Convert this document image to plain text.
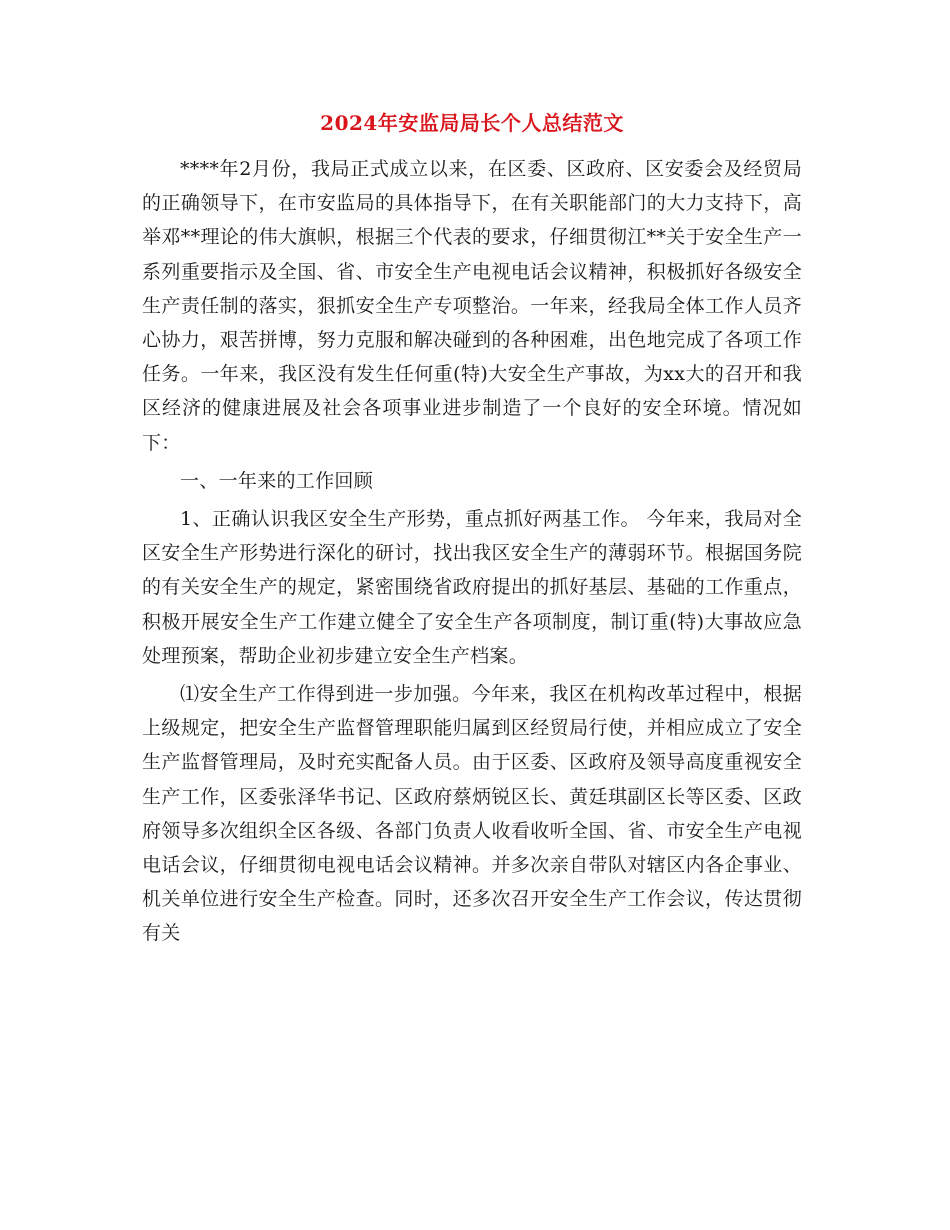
2024年安监局局长个人总结范文

****年2月份，我局正式成立以来，在区委、区政府、区安委会及经贸局的正确领导下，在市安监局的具体指导下，在有关职能部门的大力支持下，高举邓**理论的伟大旗帜，根据三个代表的要求，仔细贯彻江**关于安全生产一系列重要指示及全国、省、市安全生产电视电话会议精神，积极抓好各级安全生产责任制的落实，狠抓安全生产专项整治。一年来，经我局全体工作人员齐心协力，艰苦拼博，努力克服和解决碰到的各种困难，出色地完成了各项工作任务。一年来，我区没有发生任何重(特)大安全生产事故，为xx大的召开和我区经济的健康进展及社会各项事业进步制造了一个良好的安全环境。情况如下：

一、一年来的工作回顾

1、正确认识我区安全生产形势，重点抓好两基工作。 今年来，我局对全区安全生产形势进行深化的研讨，找出我区安全生产的薄弱环节。根据国务院的有关安全生产的规定，紧密围绕省政府提出的抓好基层、基础的工作重点，积极开展安全生产工作建立健全了安全生产各项制度，制订重(特)大事故应急处理预案，帮助企业初步建立安全生产档案。

⑴安全生产工作得到进一步加强。今年来，我区在机构改革过程中，根据上级规定，把安全生产监督管理职能归属到区经贸局行使，并相应成立了安全生产监督管理局，及时充实配备人员。由于区委、区政府及领导高度重视安全生产工作，区委张泽华书记、区政府蔡炳锐区长、黄廷琪副区长等区委、区政府领导多次组织全区各级、各部门负责人收看收听全国、省、市安全生产电视电话会议，仔细贯彻电视电话会议精神。并多次亲自带队对辖区内各企事业、机关单位进行安全生产检查。同时，还多次召开安全生产工作会议，传达贯彻有关
